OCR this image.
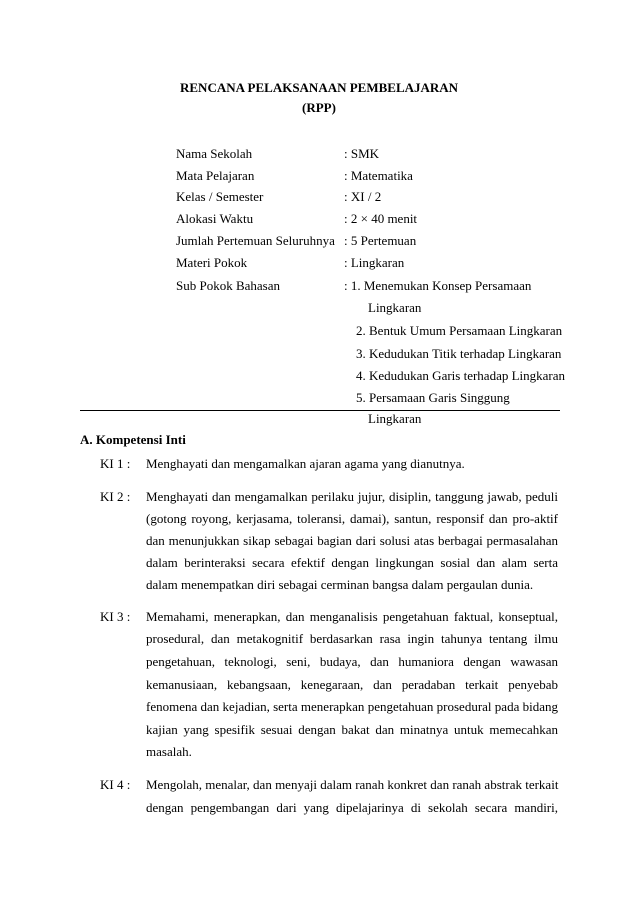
RENCANA PELAKSANAAN PEMBELAJARAN
(RPP)
Nama Sekolah	: SMK
Mata Pelajaran	: Matematika
Kelas / Semester	: XI / 2
Alokasi Waktu	: 2 × 40 menit
Jumlah Pertemuan Seluruhnya : 5 Pertemuan
Materi Pokok	: Lingkaran
Sub Pokok Bahasan	: 1. Menemukan Konsep Persamaan
Lingkaran
2. Bentuk Umum Persamaan Lingkaran
3. Kedudukan Titik terhadap Lingkaran
4. Kedudukan Garis terhadap Lingkaran
5. Persamaan Garis Singgung
Lingkaran
A. Kompetensi Inti
KI 1 : Menghayati dan mengamalkan ajaran agama yang dianutnya.
KI 2 : Menghayati dan mengamalkan perilaku jujur, disiplin, tanggung jawab, peduli
(gotong royong, kerjasama, toleransi, damai), santun, responsif dan pro-aktif
dan menunjukkan sikap sebagai bagian dari solusi atas berbagai permasalahan
dalam berinteraksi secara efektif dengan lingkungan sosial dan alam serta
dalam menempatkan diri sebagai cerminan bangsa dalam pergaulan dunia.
KI 3 : Memahami, menerapkan, dan menganalisis pengetahuan faktual, konseptual,
prosedural, dan metakognitif berdasarkan rasa ingin tahunya tentang ilmu
pengetahuan, teknologi, seni, budaya, dan humaniora dengan wawasan
kemanusiaan, kebangsaan, kenegaraan, dan peradaban terkait penyebab
fenomena dan kejadian, serta menerapkan pengetahuan prosedural pada bidang
kajian yang spesifik sesuai dengan bakat dan minatnya untuk memecahkan
masalah.
KI 4 : Mengolah, menalar, dan menyaji dalam ranah konkret dan ranah abstrak terkait
dengan pengembangan dari yang dipelajarinya di sekolah secara mandiri,
